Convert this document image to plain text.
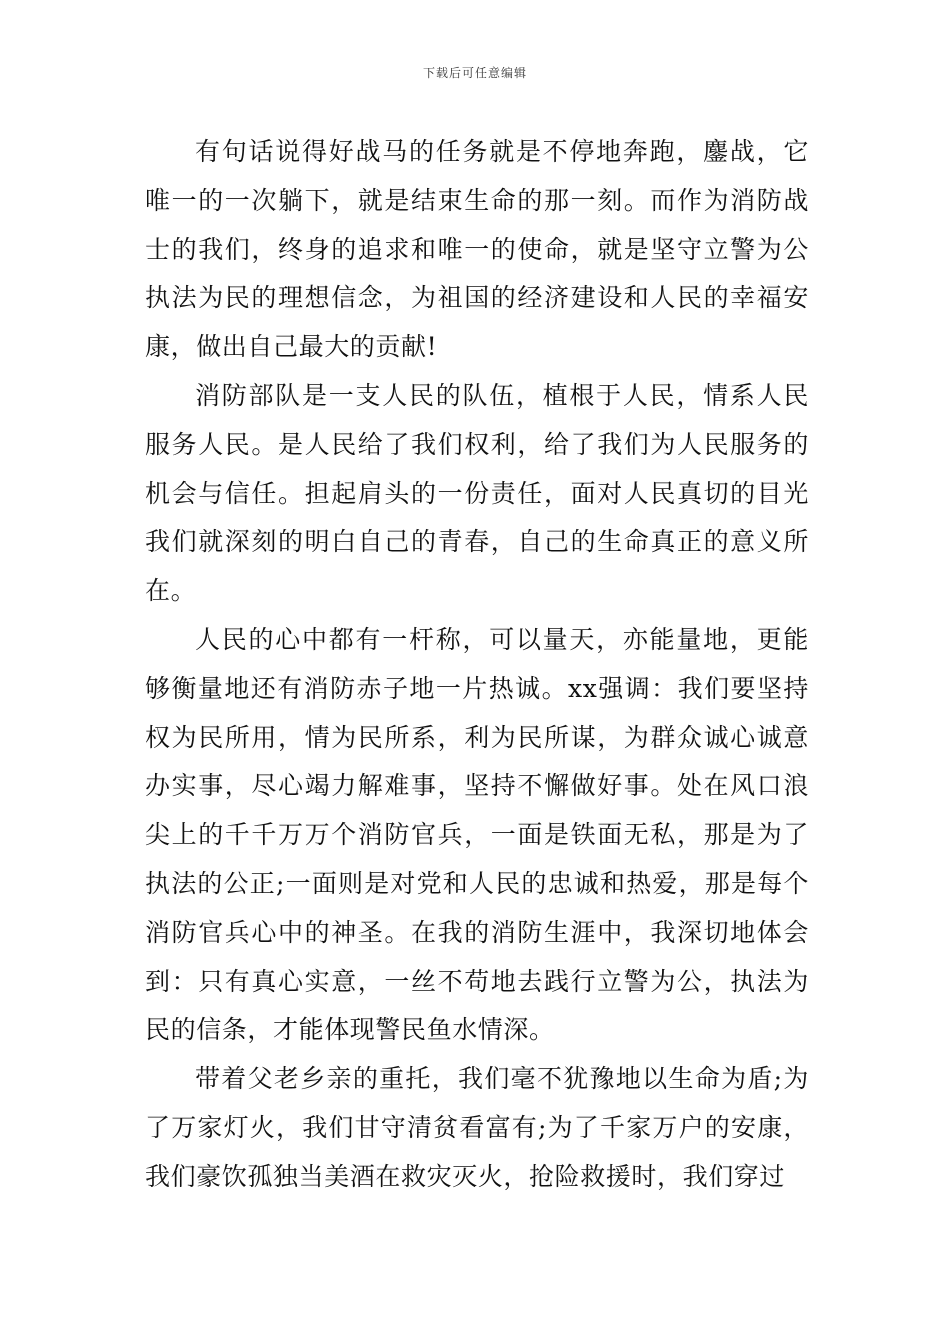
下载后可任意编辑

有句话说得好战马的任务就是不停地奔跑，鏖战，它唯一的一次躺下，就是结束生命的那一刻。而作为消防战士的我们，终身的追求和唯一的使命，就是坚守立警为公执法为民的理想信念，为祖国的经济建设和人民的幸福安康，做出自己最大的贡献!

消防部队是一支人民的队伍，植根于人民，情系人民服务人民。是人民给了我们权利，给了我们为人民服务的机会与信任。担起肩头的一份责任，面对人民真切的目光我们就深刻的明白自己的青春，自己的生命真正的意义所在。

人民的心中都有一杆称，可以量天，亦能量地，更能够衡量地还有消防赤子地一片热诚。xx强调：我们要坚持权为民所用，情为民所系，利为民所谋，为群众诚心诚意办实事，尽心竭力解难事，坚持不懈做好事。处在风口浪尖上的千千万万个消防官兵，一面是铁面无私，那是为了执法的公正;一面则是对党和人民的忠诚和热爱，那是每个消防官兵心中的神圣。在我的消防生涯中，我深切地体会到：只有真心实意，一丝不苟地去践行立警为公，执法为民的信条，才能体现警民鱼水情深。

带着父老乡亲的重托，我们毫不犹豫地以生命为盾;为了万家灯火，我们甘守清贫看富有;为了千家万户的安康，我们豪饮孤独当美酒在救灾灭火，抢险救援时，我们穿过
